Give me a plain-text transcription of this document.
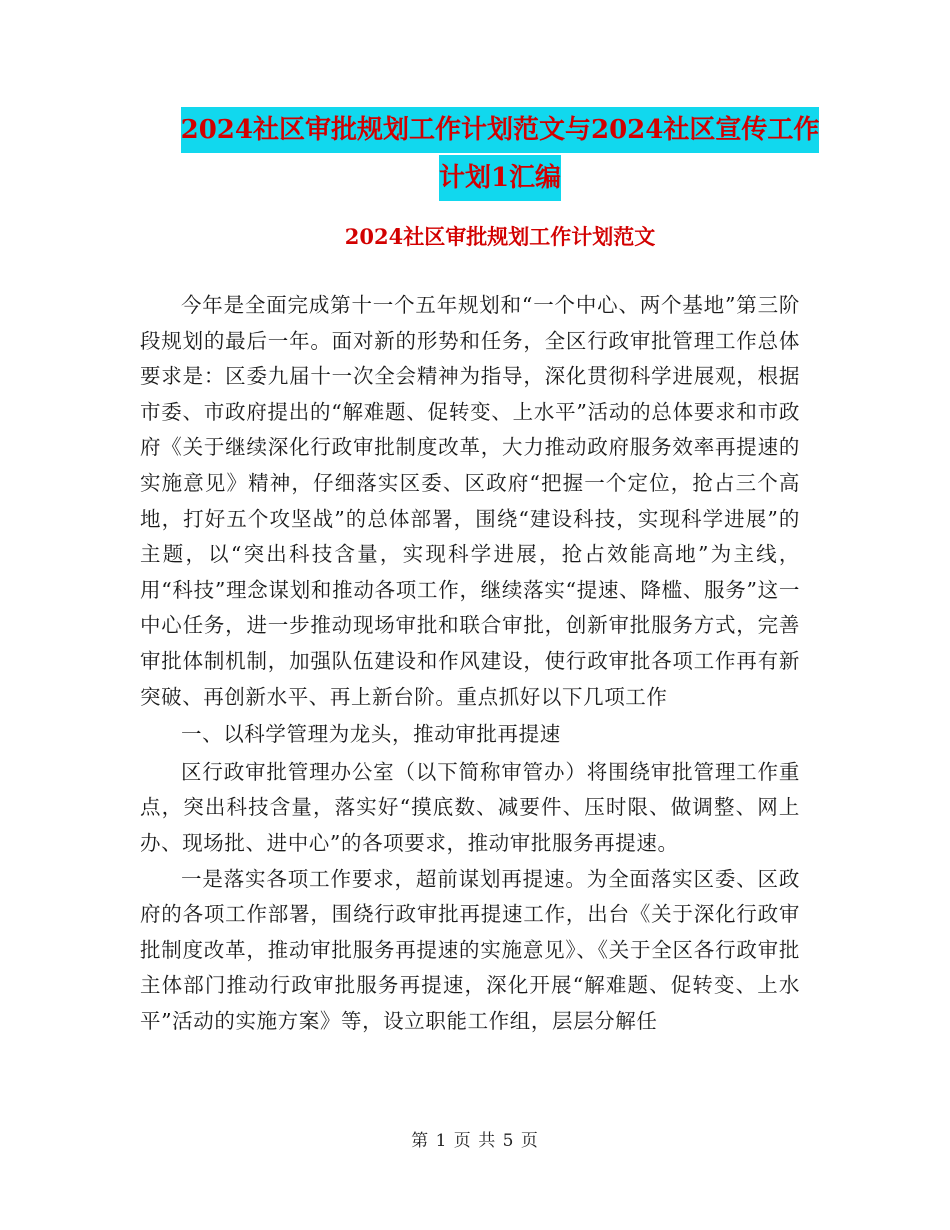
2024社区审批规划工作计划范文与2024社区宣传工作
计划1汇编
2024社区审批规划工作计划范文

今年是全面完成第十一个五年规划和“一个中心、两个基地”第三阶段规划的最后一年。面对新的形势和任务，全区行政审批管理工作总体要求是：区委九届十一次全会精神为指导，深化贯彻科学进展观，根据市委、市政府提出的“解难题、促转变、上水平”活动的总体要求和市政府《关于继续深化行政审批制度改革，大力推动政府服务效率再提速的实施意见》精神，仔细落实区委、区政府“把握一个定位，抢占三个高地，打好五个攻坚战”的总体部署，围绕“建设科技，实现科学进展”的主题，以“突出科技含量，实现科学进展，抢占效能高地”为主线，用“科技”理念谋划和推动各项工作，继续落实“提速、降槛、服务”这一中心任务，进一步推动现场审批和联合审批，创新审批服务方式，完善审批体制机制，加强队伍建设和作风建设，使行政审批各项工作再有新突破、再创新水平、再上新台阶。重点抓好以下几项工作

一、以科学管理为龙头，推动审批再提速

区行政审批管理办公室（以下简称审管办）将围绕审批管理工作重点，突出科技含量，落实好“摸底数、减要件、压时限、做调整、网上办、现场批、进中心”的各项要求，推动审批服务再提速。

一是落实各项工作要求，超前谋划再提速。为全面落实区委、区政府的各项工作部署，围绕行政审批再提速工作，出台《关于深化行政审批制度改革，推动审批服务再提速的实施意见》、《关于全区各行政审批主体部门推动行政审批服务再提速，深化开展“解难题、促转变、上水平”活动的实施方案》等，设立职能工作组，层层分解任

第 1 页 共 5 页
